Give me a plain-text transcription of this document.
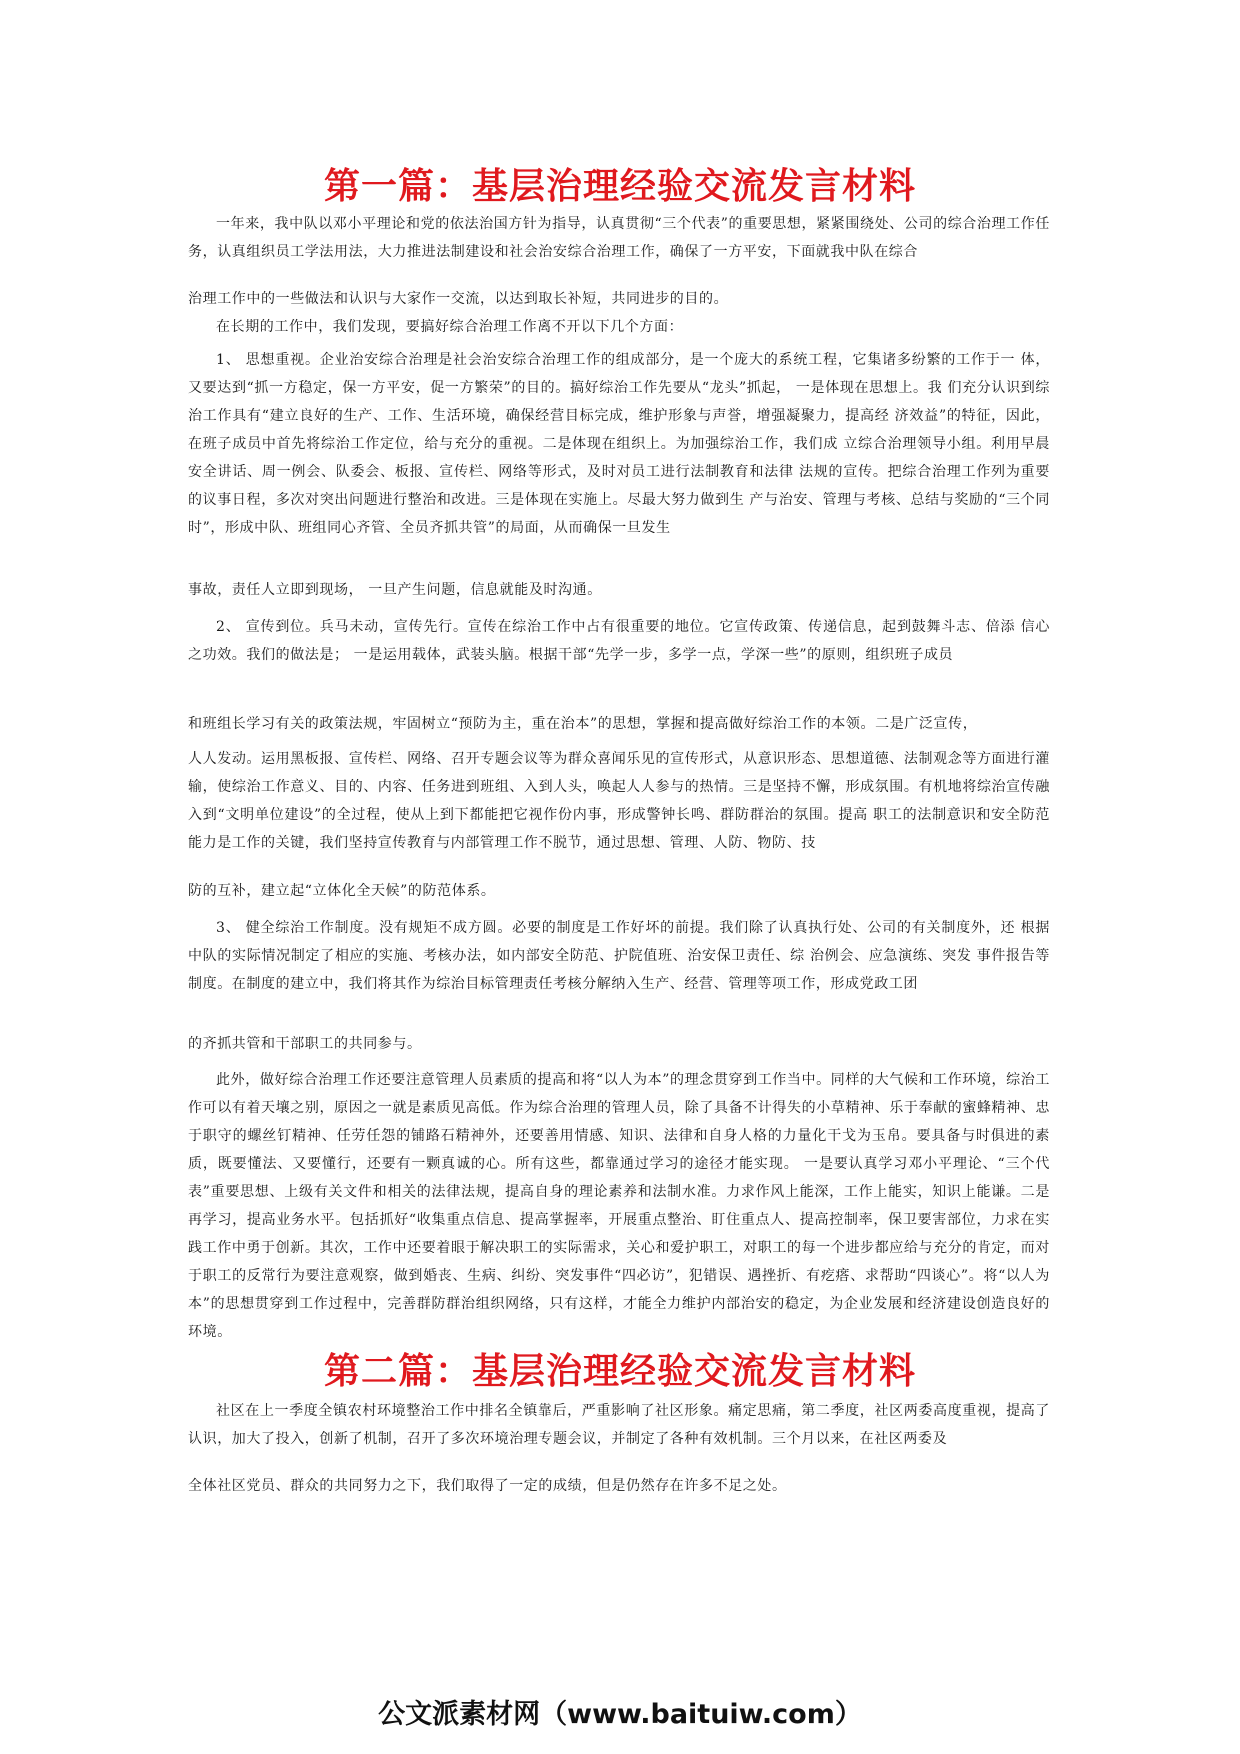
第一篇：基层治理经验交流发言材料

一年来，我中队以邓小平理论和党的依法治国方针为指导，认真贯彻“三个代表”的重要思想，紧紧围绕处、公司的综合治理工作任务，认真组织员工学法用法，大力推进法制建设和社会治安综合治理工作，确保了一方平安，下面就我中队在综合

治理工作中的一些做法和认识与大家作一交流，以达到取长补短，共同进步的目的。

在长期的工作中，我们发现，要搞好综合治理工作离不开以下几个方面：

1、 思想重视。企业治安综合治理是社会治安综合治理工作的组成部分，是一个庞大的系统工程，它集诸多纷繁的工作于一 体，又要达到“抓一方稳定，保一方平安，促一方繁荣”的目的。搞好综治工作先要从“龙头”抓起， 一是体现在思想上。我 们充分认识到综治工作具有“建立良好的生产、工作、生活环境，确保经营目标完成，维护形象与声誉，增强凝聚力，提高经 济效益”的特征，因此，在班子成员中首先将综治工作定位，给与充分的重视。二是体现在组织上。为加强综治工作，我们成 立综合治理领导小组。利用早晨安全讲话、周一例会、队委会、板报、宣传栏、网络等形式，及时对员工进行法制教育和法律 法规的宣传。把综合治理工作列为重要的议事日程，多次对突出问题进行整治和改进。三是体现在实施上。尽最大努力做到生 产与治安、管理与考核、总结与奖励的“三个同时”，形成中队、班组同心齐管、全员齐抓共管”的局面，从而确保一旦发生

事故，责任人立即到现场， 一旦产生问题，信息就能及时沟通。

2、 宣传到位。兵马未动，宣传先行。宣传在综治工作中占有很重要的地位。它宣传政策、传递信息，起到鼓舞斗志、倍添 信心之功效。我们的做法是； 一是运用载体，武装头脑。根据干部“先学一步，多学一点，学深一些”的原则，组织班子成员

和班组长学习有关的政策法规，牢固树立“预防为主，重在治本”的思想，掌握和提高做好综治工作的本领。二是广泛宣传，

人人发动。运用黑板报、宣传栏、网络、召开专题会议等为群众喜闻乐见的宣传形式，从意识形态、思想道德、法制观念等方面进行灌输，使综治工作意义、目的、内容、任务进到班组、入到人头，唤起人人参与的热情。三是坚持不懈，形成氛围。有机地将综治宣传融入到“文明单位建设”的全过程，使从上到下都能把它视作份内事，形成警钟长鸣、群防群治的氛围。提高 职工的法制意识和安全防范能力是工作的关键，我们坚持宣传教育与内部管理工作不脱节，通过思想、管理、人防、物防、技

防的互补，建立起“立体化全天候”的防范体系。

3、 健全综治工作制度。没有规矩不成方圆。必要的制度是工作好坏的前提。我们除了认真执行处、公司的有关制度外，还 根据中队的实际情况制定了相应的实施、考核办法，如内部安全防范、护院值班、治安保卫责任、综 治例会、应急演练、突发 事件报告等制度。在制度的建立中，我们将其作为综治目标管理责任考核分解纳入生产、经营、管理等项工作，形成党政工团

的齐抓共管和干部职工的共同参与。

此外，做好综合治理工作还要注意管理人员素质的提高和将“以人为本”的理念贯穿到工作当中。同样的大气候和工作环境，综治工作可以有着天壤之别，原因之一就是素质见高低。作为综合治理的管理人员，除了具备不计得失的小草精神、乐于奉献的蜜蜂精神、忠于职守的螺丝钉精神、任劳任怨的铺路石精神外，还要善用情感、知识、法律和自身人格的力量化干戈为玉帛。要具备与时俱进的素质，既要懂法、又要懂行，还要有一颗真诚的心。所有这些，都靠通过学习的途径才能实现。 一是要认真学习邓小平理论、“三个代表”重要思想、上级有关文件和相关的法律法规，提高自身的理论素养和法制水准。力求作风上能深，工作上能实，知识上能谦。二是再学习，提高业务水平。包括抓好“收集重点信息、提高掌握率，开展重点整治、盯住重点人、提高控制率，保卫要害部位，力求在实践工作中勇于创新。其次，工作中还要着眼于解决职工的实际需求，关心和爱护职工，对职工的每一个进步都应给与充分的肯定，而对于职工的反常行为要注意观察，做到婚丧、生病、纠纷、突发事件“四必访”，犯错误、遇挫折、有疙瘩、求帮助“四谈心”。将“以人为本”的思想贯穿到工作过程中，完善群防群治组织网络，只有这样，才能全力维护内部治安的稳定，为企业发展和经济建设创造良好的环境。

第二篇：基层治理经验交流发言材料

社区在上一季度全镇农村环境整治工作中排名全镇靠后，严重影响了社区形象。痛定思痛，第二季度，社区两委高度重视，提高了认识，加大了投入，创新了机制，召开了多次环境治理专题会议，并制定了各种有效机制。三个月以来，在社区两委及

全体社区党员、群众的共同努力之下，我们取得了一定的成绩，但是仍然存在许多不足之处。

公文派素材网（www.baituiw.com）
